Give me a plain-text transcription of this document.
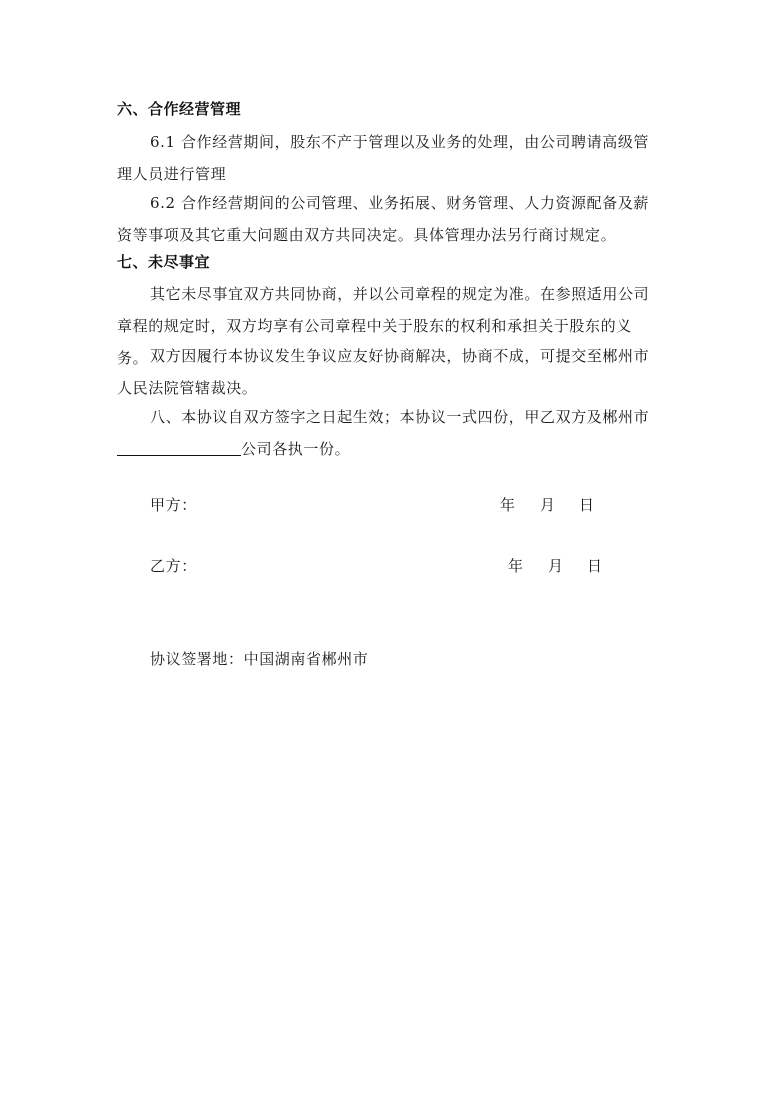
六、合作经营管理

6.1 合作经营期间，股东不产于管理以及业务的处理，由公司聘请高级管理人员进行管理

6.2 合作经营期间的公司管理、业务拓展、财务管理、人力资源配备及薪资等事项及其它重大问题由双方共同决定。具体管理办法另行商讨规定。

七、未尽事宜

其它未尽事宜双方共同协商，并以公司章程的规定为准。在参照适用公司章程的规定时，双方均享有公司章程中关于股东的权利和承担关于股东的义务。 双方因履行本协议发生争议应友好协商解决，协商不成，可提交至郴州市人民法院管辖裁决。

八、本协议自双方签字之日起生效；本协议一式四份，甲乙双方及郴州市
公司各执一份。
甲方：	年 月 日
乙方：	年 月 日
协议签署地：中国湖南省郴州市
